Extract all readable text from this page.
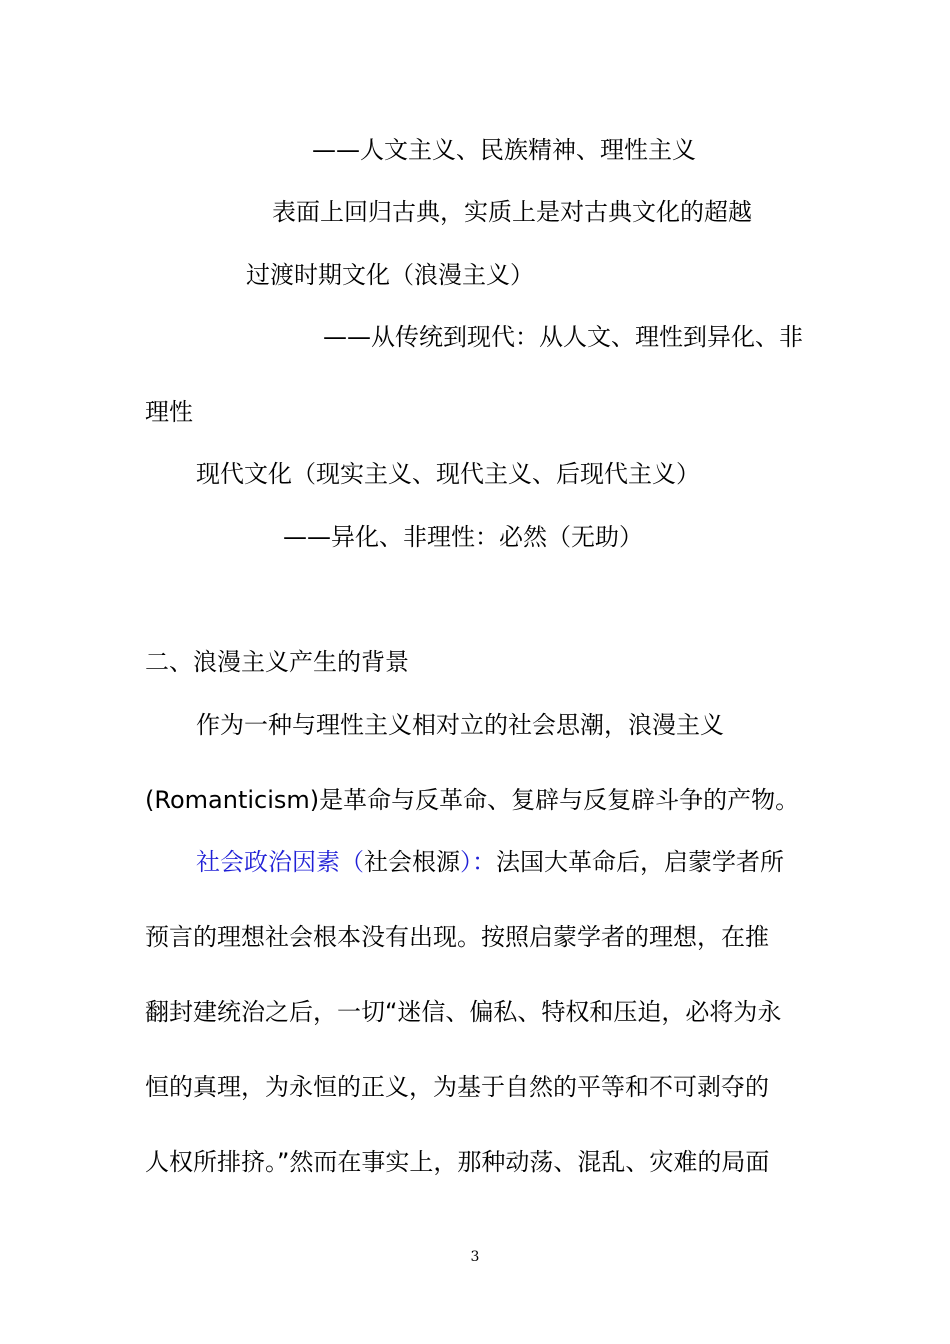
——人文主义、民族精神、理性主义

表面上回归古典，实质上是对古典文化的超越

过渡时期文化（浪漫主义）

——从传统到现代：从人文、理性到异化、非

理性

现代文化（现实主义、现代主义、后现代主义）

——异化、非理性：必然（无助）

二、浪漫主义产生的背景

作为一种与理性主义相对立的社会思潮，浪漫主义

(Romanticism)是革命与反革命、复辟与反复辟斗争的产物。

社会政治因素（社会根源）：法国大革命后，启蒙学者所

预言的理想社会根本没有出现。按照启蒙学者的理想，在推

翻封建统治之后，一切“迷信、偏私、特权和压迫，必将为永

恒的真理，为永恒的正义，为基于自然的平等和不可剥夺的

人权所排挤。”然而在事实上，那种动荡、混乱、灾难的局面

3
